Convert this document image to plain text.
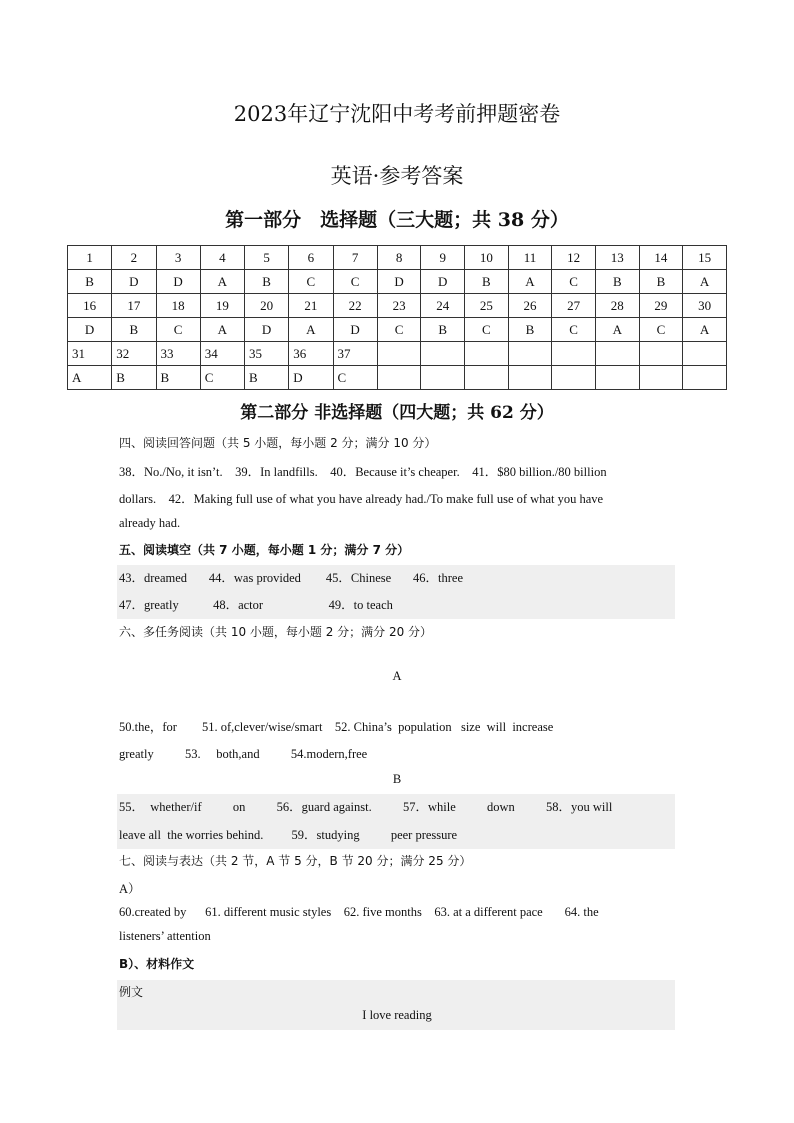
2023年辽宁沈阳中考考前押题密卷
英语·参考答案
第一部分　选择题（三大题；共 38 分）
1	2	3	4	5	6	7	8	9	10	11	12	13	14	15
B	D	D	A	B	C	C	D	D	B	A	C	B	B	A
16	17	18	19	20	21	22	23	24	25	26	27	28	29	30
D	B	C	A	D	A	D	C	B	C	B	C	A	C	A
31	32	33	34	35	36	37								
A	B	B	C	B	D	C								
第二部分 非选择题（四大题；共 62 分）
四、阅读回答问题（共 5 小题，每小题 2 分；满分 10 分）
38．No./No, it isn’t.    39．In landfills.    40．Because it’s cheaper.    41．$80 billion./80 billion
dollars.    42．Making full use of what you have already had./To make full use of what you have
already had.
五、阅读填空（共 7 小题，每小题 1 分；满分 7 分）
43．dreamed       44．was provided        45．Chinese       46．three
47．greatly           48．actor                     49．to teach
六、多任务阅读（共 10 小题，每小题 2 分；满分 20 分）
A
50.the，for        51. of,clever/wise/smart    52. China’s  population   size  will  increase
greatly          53.     both,and          54.modern,free
B
55．  whether/if          on          56．guard against.          57．while          down          58．you will
leave all  the worries behind.         59．studying          peer pressure
七、阅读与表达（共 2 节，A 节 5 分，B 节 20 分；满分 25 分）
A）
60.created by      61. different music styles    62. five months    63. at a different pace       64. the
listeners’ attention
B）、材料作文
例文
I love reading
